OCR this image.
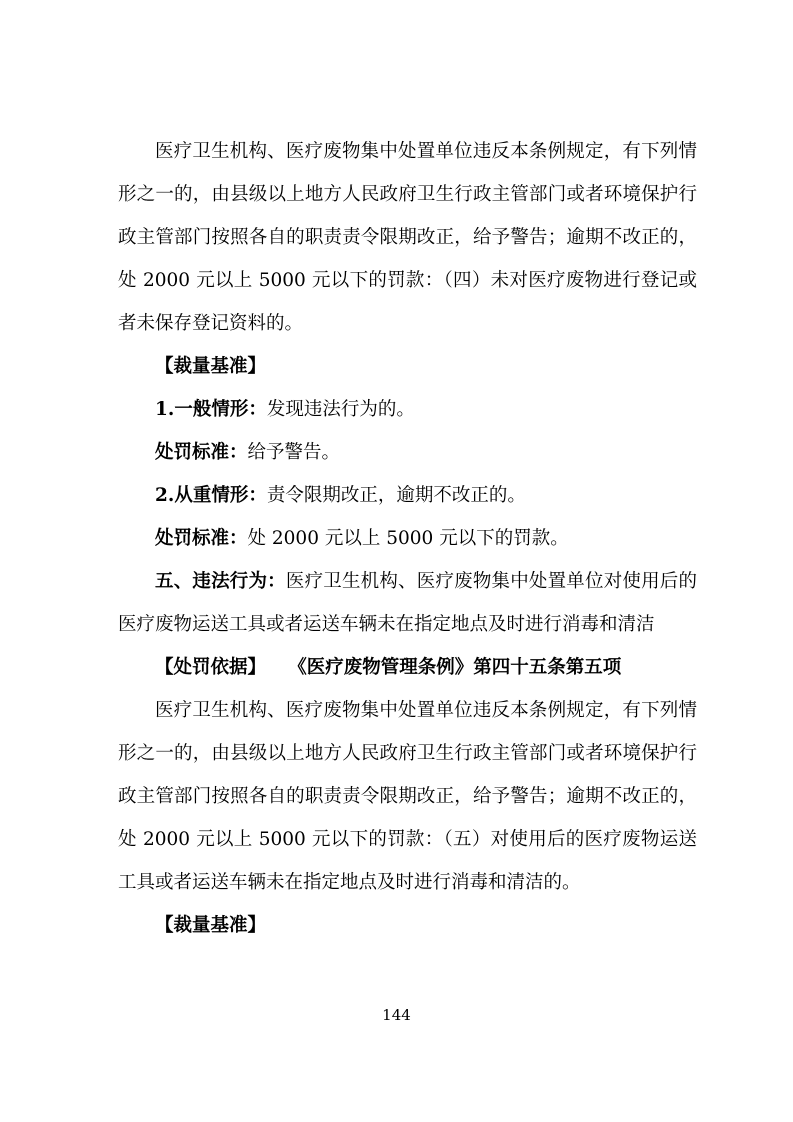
医疗卫生机构、医疗废物集中处置单位违反本条例规定，有下列情形之一的，由县级以上地方人民政府卫生行政主管部门或者环境保护行政主管部门按照各自的职责责令限期改正，给予警告；逾期不改正的，处 2000 元以上 5000 元以下的罚款：（四）未对医疗废物进行登记或者未保存登记资料的。

【裁量基准】

1.一般情形：发现违法行为的。

处罚标准：给予警告。

2.从重情形：责令限期改正，逾期不改正的。

处罚标准：处 2000 元以上 5000 元以下的罚款。

五、违法行为：医疗卫生机构、医疗废物集中处置单位对使用后的医疗废物运送工具或者运送车辆未在指定地点及时进行消毒和清洁

【处罚依据】 《医疗废物管理条例》第四十五条第五项

医疗卫生机构、医疗废物集中处置单位违反本条例规定，有下列情形之一的，由县级以上地方人民政府卫生行政主管部门或者环境保护行政主管部门按照各自的职责责令限期改正，给予警告；逾期不改正的，处 2000 元以上 5000 元以下的罚款：（五）对使用后的医疗废物运送工具或者运送车辆未在指定地点及时进行消毒和清洁的。

【裁量基准】

144
